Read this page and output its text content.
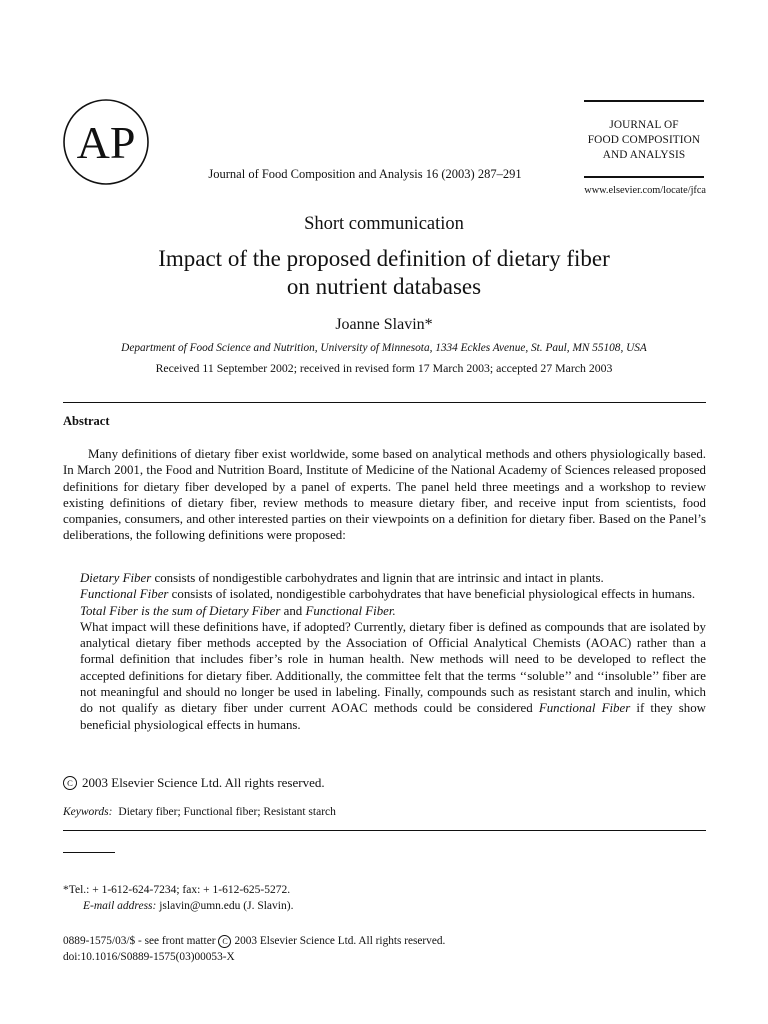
AP
Journal of Food Composition and Analysis 16 (2003) 287–291
JOURNAL OF
FOOD COMPOSITION
AND ANALYSIS
www.elsevier.com/locate/jfca
Short communication
Impact of the proposed definition of dietary fiber
on nutrient databases
Joanne Slavin*
Department of Food Science and Nutrition, University of Minnesota, 1334 Eckles Avenue, St. Paul, MN 55108, USA
Received 11 September 2002; received in revised form 17 March 2003; accepted 27 March 2003
Abstract

Many definitions of dietary fiber exist worldwide, some based on analytical methods and others physiologically based. In March 2001, the Food and Nutrition Board, Institute of Medicine of the National Academy of Sciences released proposed definitions for dietary fiber developed by a panel of experts. The panel held three meetings and a workshop to review existing definitions of dietary fiber, review methods to measure dietary fiber, and receive input from scientists, food companies, consumers, and other interested parties on their viewpoints on a definition for dietary fiber. Based on the Panel’s deliberations, the following definitions were proposed:

Dietary Fiber consists of nondigestible carbohydrates and lignin that are intrinsic and intact in plants.

Functional Fiber consists of isolated, nondigestible carbohydrates that have beneficial physiological effects in humans.

Total Fiber is the sum of Dietary Fiber and Functional Fiber.

What impact will these definitions have, if adopted? Currently, dietary fiber is defined as compounds that are isolated by analytical dietary fiber methods accepted by the Association of Official Analytical Chemists (AOAC) rather than a formal definition that includes fiber’s role in human health. New methods will need to be developed to reflect the accepted definitions for dietary fiber. Additionally, the committee felt that the terms ‘‘soluble’’ and ‘‘insoluble’’ fiber are not meaningful and should no longer be used in labeling. Finally, compounds such as resistant starch and inulin, which do not qualify as dietary fiber under current AOAC methods could be considered Functional Fiber if they show beneficial physiological effects in humans.

C 2003 Elsevier Science Ltd. All rights reserved.
Keywords: Dietary fiber; Functional fiber; Resistant starch
*Tel.: + 1-612-624-7234; fax: + 1-612-625-5272.
E-mail address: jslavin@umn.edu (J. Slavin).
0889-1575/03/$ - see front matter C 2003 Elsevier Science Ltd. All rights reserved.
doi:10.1016/S0889-1575(03)00053-X
